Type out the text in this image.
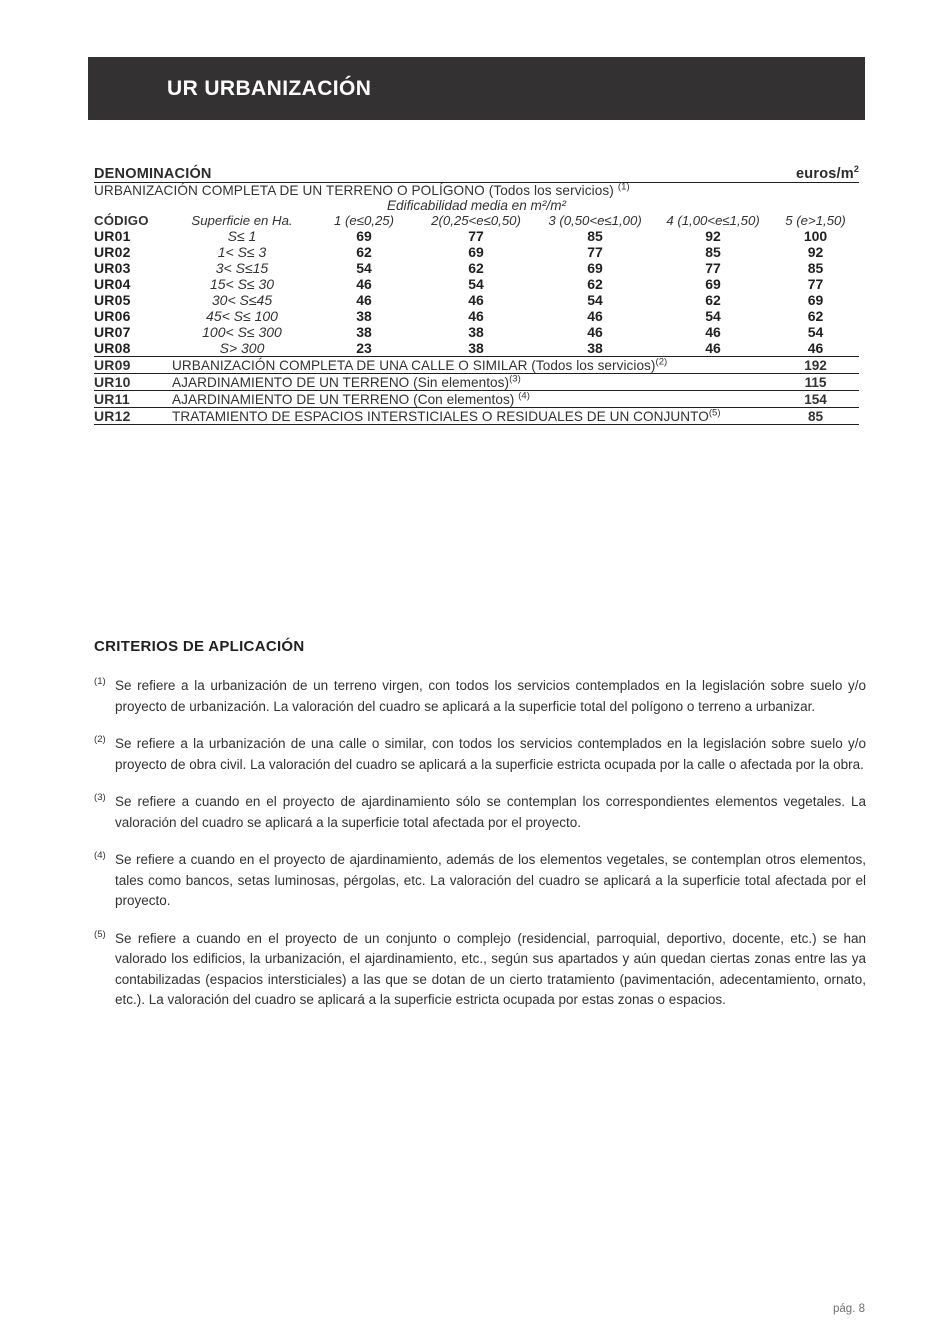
UR URBANIZACIÓN
DENOMINACIÓN			euros/$m^2$
URBANIZACIÓN COMPLETA DE UN TERRENO O POLÍGONO (Todos los servicios) $^{(1)}$
Edificabilidad media en m²/m²						
CÓDIGO	Superficie en Ha.	1 (e≤0,25)	2(0,25<e≤0,50)	3 (0,50<e≤1,00)	4 (1,00<e≤1,50)	5 (e>1,50)
UR01	S≤ 1	69	77	85	92	100
UR02	1< S≤ 3	62	69	77	85	92
UR03	3< S≤15	54	62	69	77	85
UR04	15< S≤ 30	46	54	62	69	77
UR05	30< S≤45	46	46	54	62	69
UR06	45< S≤ 100	38	46	46	54	62
UR07	100< S≤ 300	38	38	46	46	54
UR08	S> 300	23	38	38	46	46
UR09	URBANIZACIÓN COMPLETA DE UNA CALLE O SIMILAR (Todos los servicios)$^{(2)}$					192
UR10	AJARDINAMIENTO DE UN TERRENO (Sin elementos)$^{(3)}$					115
UR11	AJARDINAMIENTO DE UN TERRENO (Con elementos) $^{(4)}$					154
UR12	TRATAMIENTO DE ESPACIOS INTERSTICIALES O RESIDUALES DE UN CONJUNTO$^{(5)}$					85
CRITERIOS DE APLICACIÓN

(1) Se refiere a la urbanización de un terreno virgen, con todos los servicios contemplados en la legislación sobre suelo y/o proyecto de urbanización. La valoración del cuadro se aplicará a la superficie total del polígono o terreno a urbanizar.

(2) Se refiere a la urbanización de una calle o similar, con todos los servicios contemplados en la legislación sobre suelo y/o proyecto de obra civil. La valoración del cuadro se aplicará a la superficie estricta ocupada por la calle o afectada por la obra.

(3) Se refiere a cuando en el proyecto de ajardinamiento sólo se contemplan los correspondientes elementos vegetales. La valoración del cuadro se aplicará a la superficie total afectada por el proyecto.

(4) Se refiere a cuando en el proyecto de ajardinamiento, además de los elementos vegetales, se contemplan otros elementos, tales como bancos, setas luminosas, pérgolas, etc. La valoración del cuadro se aplicará a la superficie total afectada por el proyecto.

(5) Se refiere a cuando en el proyecto de un conjunto o complejo (residencial, parroquial, deportivo, docente, etc.) se han valorado los edificios, la urbanización, el ajardinamiento, etc., según sus apartados y aún quedan ciertas zonas entre las ya contabilizadas (espacios intersticiales) a las que se dotan de un cierto tratamiento (pavimentación, adecentamiento, ornato, etc.). La valoración del cuadro se aplicará a la superficie estricta ocupada por estas zonas o espacios.

pág. 8
